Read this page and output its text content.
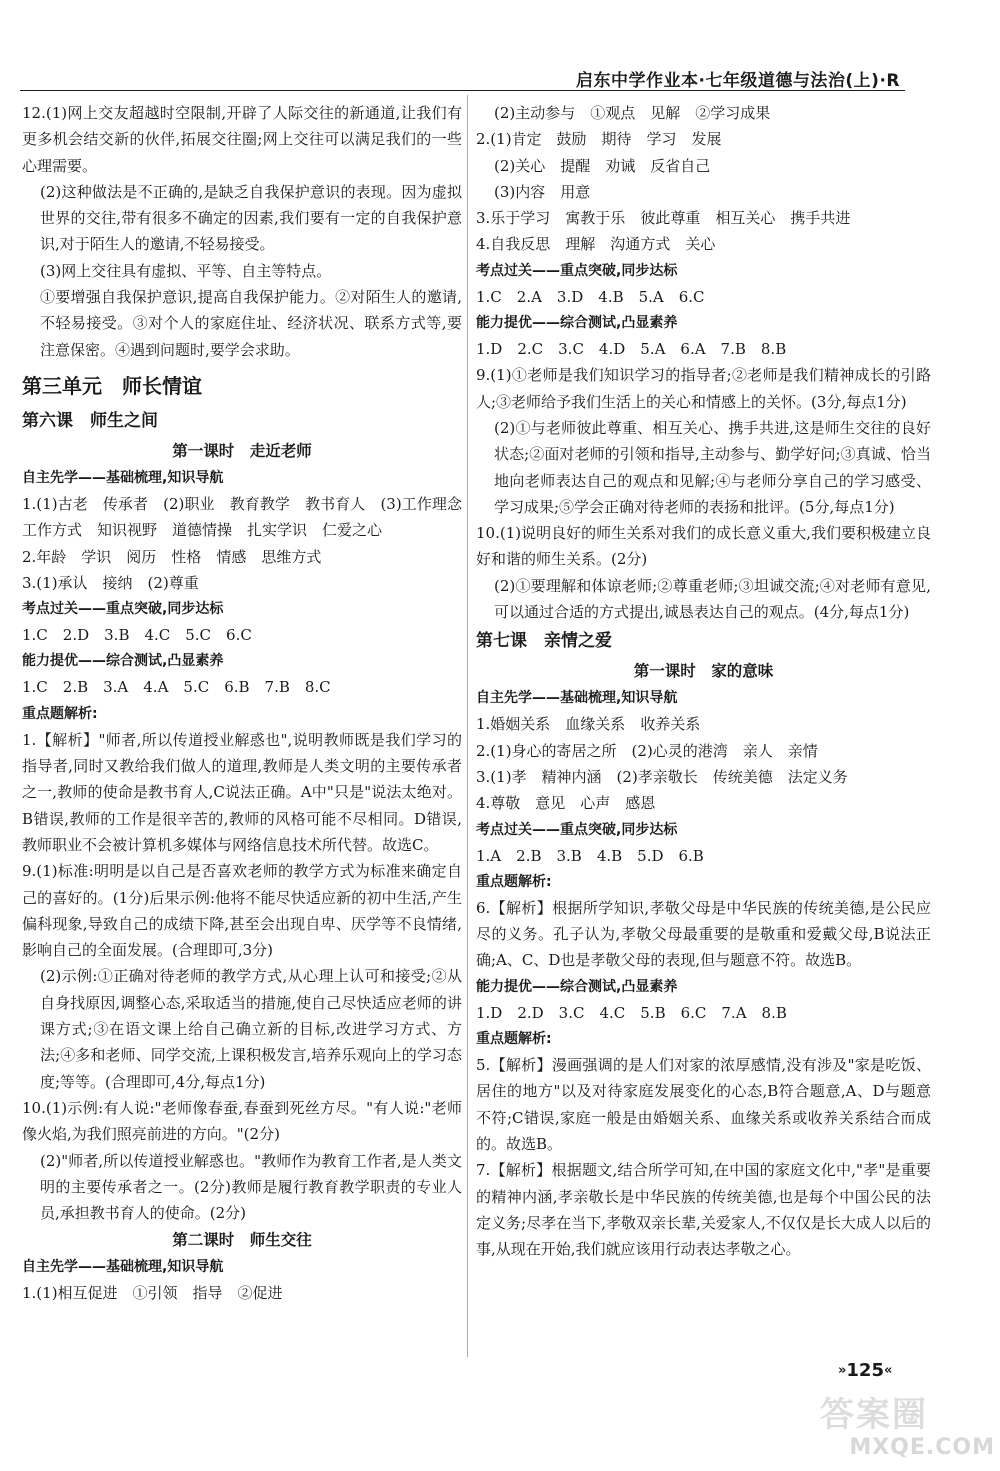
启东中学作业本·七年级道德与法治(上)·R

12.(1)网上交友超越时空限制,开辟了人际交往的新通道,让我们有更多机会结交新的伙伴,拓展交往圈;网上交往可以满足我们的一些心理需要。

(2)这种做法是不正确的,是缺乏自我保护意识的表现。因为虚拟世界的交往,带有很多不确定的因素,我们要有一定的自我保护意识,对于陌生人的邀请,不轻易接受。

(3)网上交往具有虚拟、平等、自主等特点。

①要增强自我保护意识,提高自我保护能力。②对陌生人的邀请,不轻易接受。③对个人的家庭住址、经济状况、联系方式等,要注意保密。④遇到问题时,要学会求助。

第三单元　师长情谊
第六课　师生之间
第一课时　走近老师
自主先学——基础梳理,知识导航

1.(1)古老　传承者　(2)职业　教育教学　教书育人　(3)工作理念　工作方式　知识视野　道德情操　扎实学识　仁爱之心

2.年龄　学识　阅历　性格　情感　思维方式

3.(1)承认　接纳　(2)尊重

考点过关——重点突破,同步达标

1.C　2.D　3.B　4.C　5.C　6.C

能力提优——综合测试,凸显素养

1.C　2.B　3.A　4.A　5.C　6.B　7.B　8.C

重点题解析:

1.【解析】"师者,所以传道授业解惑也",说明教师既是我们学习的指导者,同时又教给我们做人的道理,教师是人类文明的主要传承者之一,教师的使命是教书育人,C说法正确。A中"只是"说法太绝对。B错误,教师的工作是很辛苦的,教师的风格可能不尽相同。D错误,教师职业不会被计算机多媒体与网络信息技术所代替。故选C。

9.(1)标准:明明是以自己是否喜欢老师的教学方式为标准来确定自己的喜好的。(1分)后果示例:他将不能尽快适应新的初中生活,产生偏科现象,导致自己的成绩下降,甚至会出现自卑、厌学等不良情绪,影响自己的全面发展。(合理即可,3分)

(2)示例:①正确对待老师的教学方式,从心理上认可和接受;②从自身找原因,调整心态,采取适当的措施,使自己尽快适应老师的讲课方式;③在语文课上给自己确立新的目标,改进学习方式、方法;④多和老师、同学交流,上课积极发言,培养乐观向上的学习态度;等等。(合理即可,4分,每点1分)

10.(1)示例:有人说:"老师像春蚕,春蚕到死丝方尽。"有人说:"老师像火焰,为我们照亮前进的方向。"(2分)

(2)"师者,所以传道授业解惑也。"教师作为教育工作者,是人类文明的主要传承者之一。(2分)教师是履行教育教学职责的专业人员,承担教书育人的使命。(2分)

第二课时　师生交往
自主先学——基础梳理,知识导航

1.(1)相互促进　①引领　指导　②促进

(2)主动参与　①观点　见解　②学习成果

2.(1)肯定　鼓励　期待　学习　发展

(2)关心　提醒　劝诫　反省自己

(3)内容　用意

3.乐于学习　寓教于乐　彼此尊重　相互关心　携手共进

4.自我反思　理解　沟通方式　关心

考点过关——重点突破,同步达标

1.C　2.A　3.D　4.B　5.A　6.C

能力提优——综合测试,凸显素养

1.D　2.C　3.C　4.D　5.A　6.A　7.B　8.B

9.(1)①老师是我们知识学习的指导者;②老师是我们精神成长的引路人;③老师给予我们生活上的关心和情感上的关怀。(3分,每点1分)

(2)①与老师彼此尊重、相互关心、携手共进,这是师生交往的良好状态;②面对老师的引领和指导,主动参与、勤学好问;③真诚、恰当地向老师表达自己的观点和见解;④与老师分享自己的学习感受、学习成果;⑤学会正确对待老师的表扬和批评。(5分,每点1分)

10.(1)说明良好的师生关系对我们的成长意义重大,我们要积极建立良好和谐的师生关系。(2分)

(2)①要理解和体谅老师;②尊重老师;③坦诚交流;④对老师有意见,可以通过合适的方式提出,诚恳表达自己的观点。(4分,每点1分)

第七课　亲情之爱
第一课时　家的意味
自主先学——基础梳理,知识导航

1.婚姻关系　血缘关系　收养关系

2.(1)身心的寄居之所　(2)心灵的港湾　亲人　亲情

3.(1)孝　精神内涵　(2)孝亲敬长　传统美德　法定义务

4.尊敬　意见　心声　感恩

考点过关——重点突破,同步达标

1.A　2.B　3.B　4.B　5.D　6.B

重点题解析:

6.【解析】根据所学知识,孝敬父母是中华民族的传统美德,是公民应尽的义务。孔子认为,孝敬父母最重要的是敬重和爱戴父母,B说法正确;A、C、D也是孝敬父母的表现,但与题意不符。故选B。

能力提优——综合测试,凸显素养

1.D　2.D　3.C　4.C　5.B　6.C　7.A　8.B

重点题解析:

5.【解析】漫画强调的是人们对家的浓厚感情,没有涉及"家是吃饭、居住的地方"以及对待家庭发展变化的心态,B符合题意,A、D与题意不符;C错误,家庭一般是由婚姻关系、血缘关系或收养关系结合而成的。故选B。

7.【解析】根据题文,结合所学可知,在中国的家庭文化中,"孝"是重要的精神内涵,孝亲敬长是中华民族的传统美德,也是每个中国公民的法定义务;尽孝在当下,孝敬双亲长辈,关爱家人,不仅仅是长大成人以后的事,从现在开始,我们就应该用行动表达孝敬之心。

»125«
答案圈
MXQE.COM
